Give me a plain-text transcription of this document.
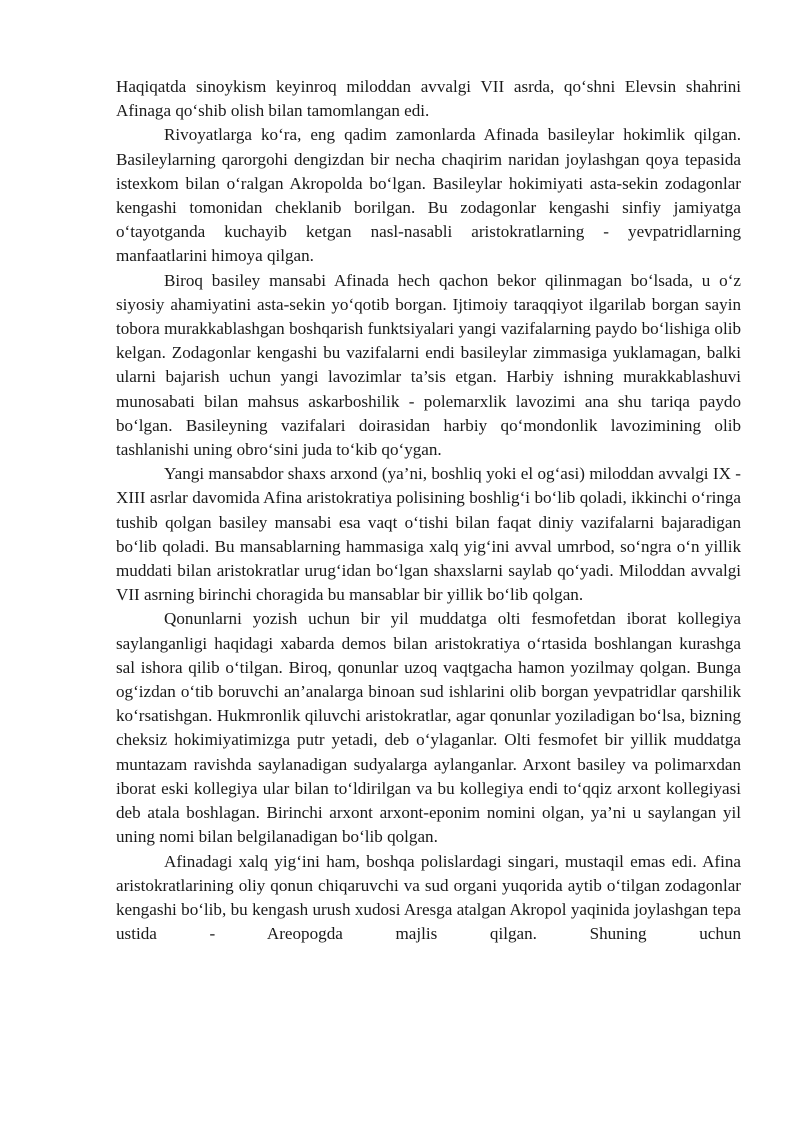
Haqiqatda sinoykism keyinroq miloddan avvalgi VII asrda, qo‘shni Elevsin shahrini Afinaga qo‘shib olish bilan tamomlangan edi.

Rivoyatlarga ko‘ra, eng qadim zamonlarda Afinada basileylar hokimlik qilgan. Basileylarning qarorgohi dengizdan bir necha chaqirim naridan joylashgan qoya tepasida istexkom bilan o‘ralgan Akropolda bo‘lgan. Basileylar hokimiyati asta-sekin zodagonlar kengashi tomonidan cheklanib borilgan. Bu zodagonlar kengashi sinfiy jamiyatga o‘tayotganda kuchayib ketgan nasl-nasabli aristokratlarning - yevpatridlarning manfaatlarini himoya qilgan.

Biroq basiley mansabi Afinada hech qachon bekor qilinmagan bo‘lsada, u o‘z siyosiy ahamiyatini asta-sekin yo‘qotib borgan. Ijtimoiy taraqqiyot ilgarilab borgan sayin tobora murakkablashgan boshqarish funktsiyalari yangi vazifalarning paydo bo‘lishiga olib kelgan. Zodagonlar kengashi bu vazifalarni endi basileylar zimmasiga yuklamagan, balki ularni bajarish uchun yangi lavozimlar ta’sis etgan. Harbiy ishning murakkablashuvi munosabati bilan mahsus askarboshilik - polemarxlik lavozimi ana shu tariqa paydo bo‘lgan. Basileyning vazifalari doirasidan harbiy qo‘mondonlik lavozimining olib tashlanishi uning obro‘sini juda to‘kib qo‘ygan.

Yangi mansabdor shaxs arxond (ya’ni, boshliq yoki el og‘asi) miloddan avvalgi IX - XIII asrlar davomida Afina aristokratiya polisining boshlig‘i bo‘lib qoladi, ikkinchi o‘ringa tushib qolgan basiley mansabi esa vaqt o‘tishi bilan faqat diniy vazifalarni bajaradigan bo‘lib qoladi. Bu mansablarning hammasiga xalq yig‘ini avval umrbod, so‘ngra o‘n yillik muddati bilan aristokratlar urug‘idan bo‘lgan shaxslarni saylab qo‘yadi. Miloddan avvalgi VII asrning birinchi choragida bu mansablar bir yillik bo‘lib qolgan.

Qonunlarni yozish uchun bir yil muddatga olti fesmofetdan iborat kollegiya saylanganligi haqidagi xabarda demos bilan aristokratiya o‘rtasida boshlangan kurashga sal ishora qilib o‘tilgan. Biroq, qonunlar uzoq vaqtgacha hamon yozilmay qolgan. Bunga og‘izdan o‘tib boruvchi an’analarga binoan sud ishlarini olib borgan yevpatridlar qarshilik ko‘rsatishgan. Hukmronlik qiluvchi aristokratlar, agar qonunlar yoziladigan bo‘lsa, bizning cheksiz hokimiyatimizga putr yetadi, deb o‘ylaganlar. Olti fesmofet bir yillik muddatga muntazam ravishda saylanadigan sudyalarga aylanganlar. Arxont basiley va polimarxdan iborat eski kollegiya ular bilan to‘ldirilgan va bu kollegiya endi to‘qqiz arxont kollegiyasi deb atala boshlagan. Birinchi arxont arxont-eponim nomini olgan, ya’ni u saylangan yil uning nomi bilan belgilanadigan bo‘lib qolgan.

Afinadagi xalq yig‘ini ham, boshqa polislardagi singari, mustaqil emas edi. Afina aristokratlarining oliy qonun chiqaruvchi va sud organi yuqorida aytib o‘tilgan zodagonlar kengashi bo‘lib, bu kengash urush xudosi Aresga atalgan Akropol yaqinida joylashgan tepa ustida - Areopogda majlis qilgan. Shuning uchun
